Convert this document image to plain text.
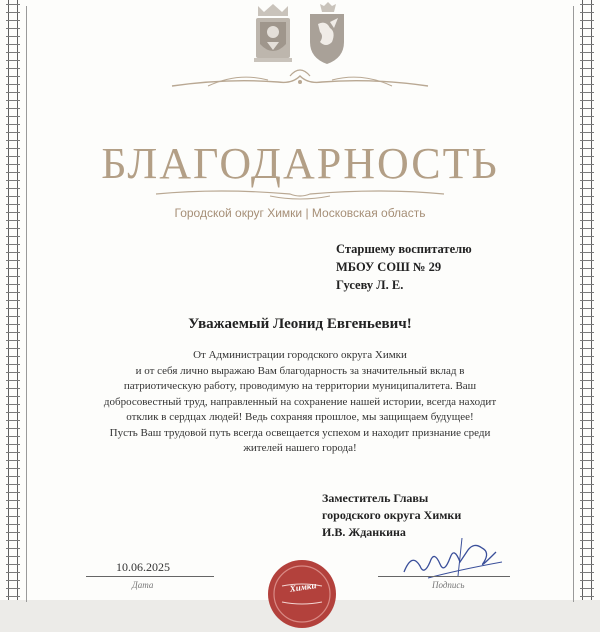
БЛАГОДАРНОСТЬ
Городской округ Химки | Московская область
Старшему воспитателю
МБОУ СОШ № 29
Гусеву Л. Е.
Уважаемый Леонид Евгеньевич!
От Администрации городского округа Химки
и от себя лично выражаю Вам благодарность за значительный вклад в
патриотическую работу, проводимую на территории муниципалитета. Ваш
добросовестный труд, направленный на сохранение нашей истории, всегда находит
отклик в сердцах людей! Ведь сохраняя прошлое, мы защищаем будущее!
Пусть Ваш трудовой путь всегда освещается успехом и находит признание среди
жителей нашего города!
Заместитель Главы
городского округа Химки
И.В. Жданкина
10.06.2025
Дата	Химки	Подпись
